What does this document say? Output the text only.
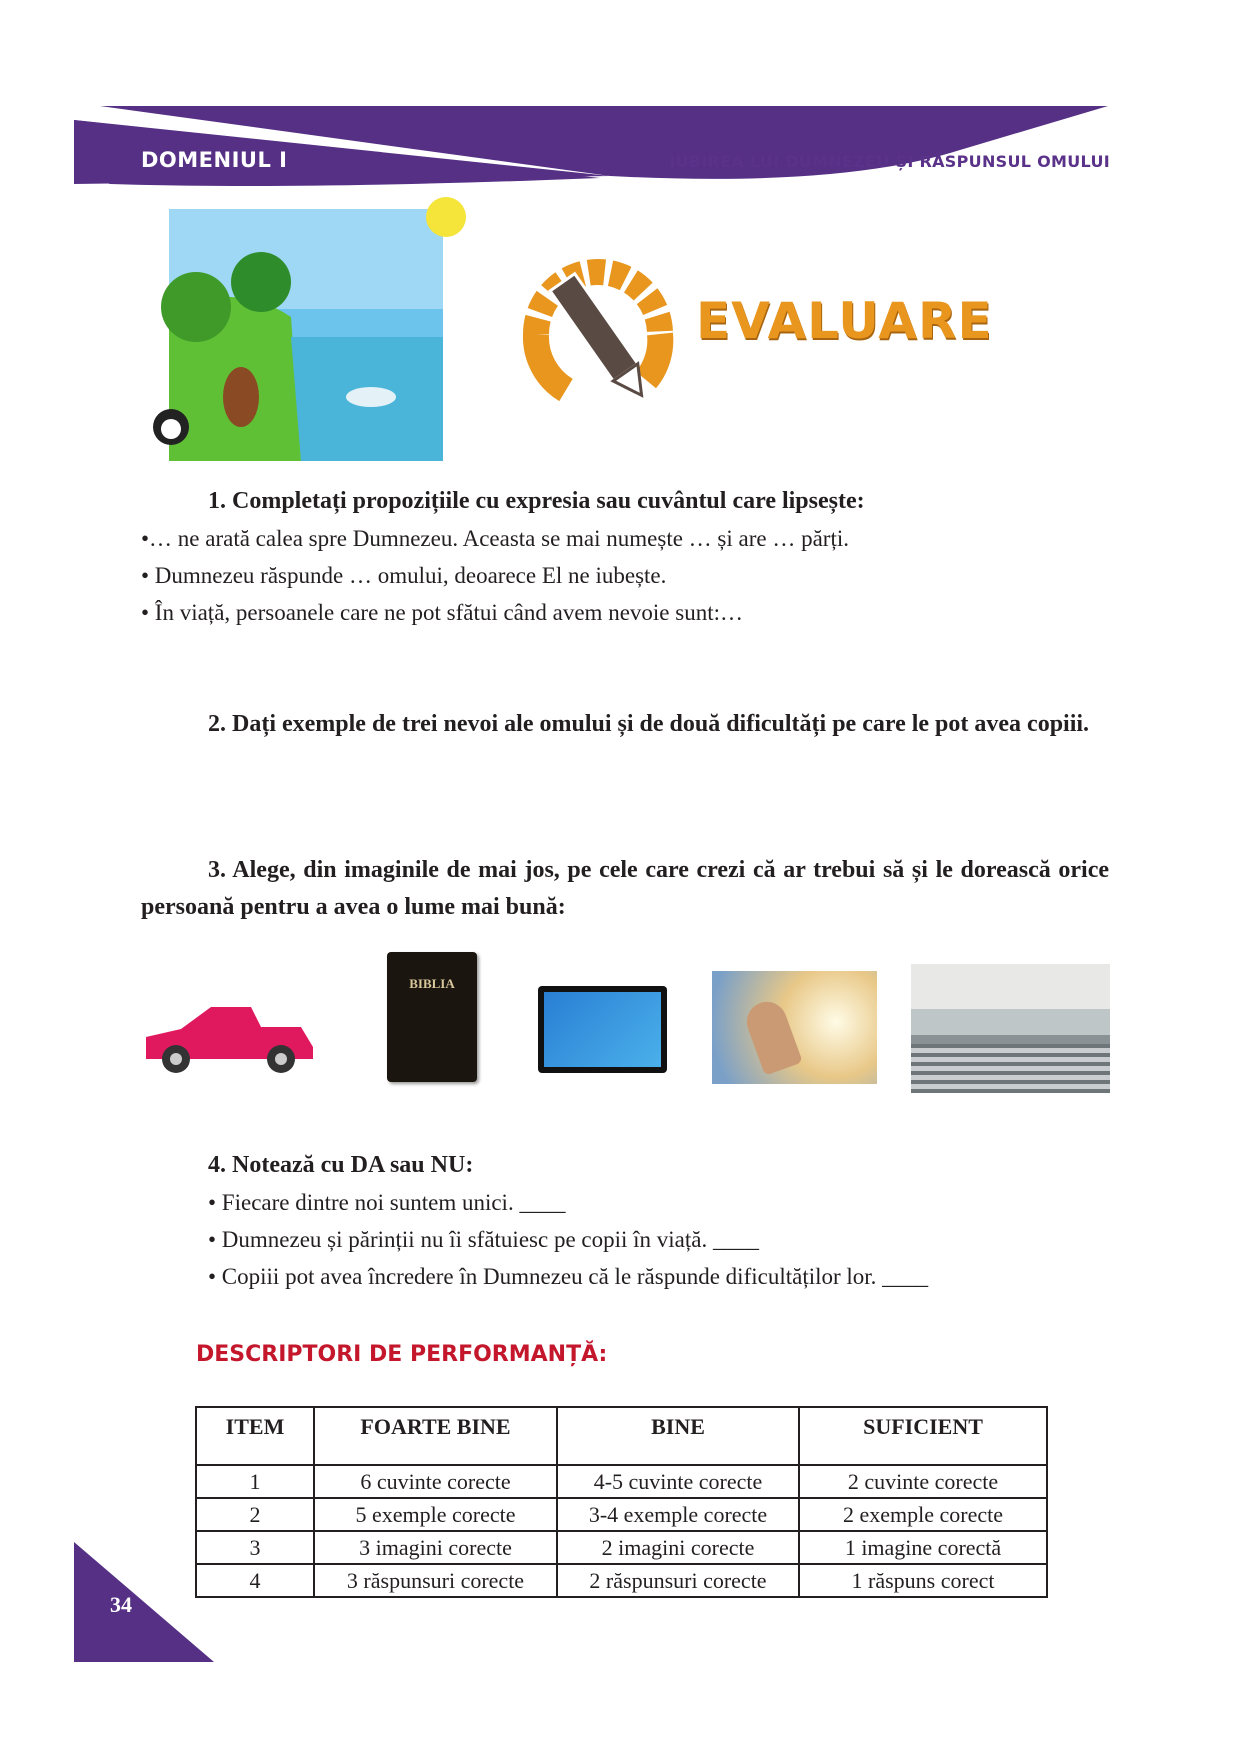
DOMENIUL I	IUBIREA LUI DUMNEZEU ȘI RĂSPUNSUL OMULUI
EVALUARE
1. Completați propozițiile cu expresia sau cuvântul care lipsește:
•… ne arată calea spre Dumnezeu. Aceasta se mai numește … și are … părți.
• Dumnezeu răspunde … omului, deoarece El ne iubește.
• În viață, persoanele care ne pot sfătui când avem nevoie sunt:…
2. Dați exemple de trei nevoi ale omului și de două dificultăți pe care le pot avea copiii.
3. Alege, din imaginile de mai jos, pe cele care crezi că ar trebui să și le dorească orice persoană pentru a avea o lume mai bună:
BIBLIA
4. Notează cu DA sau NU:
• Fiecare dintre noi suntem unici. ____
• Dumnezeu și părinții nu îi sfătuiesc pe copii în viață. ____
• Copiii pot avea încredere în Dumnezeu că le răspunde dificultăților lor. ____
DESCRIPTORI DE PERFORMANȚĂ:
ITEM	FOARTE BINE	BINE	SUFICIENT
1	6 cuvinte corecte	4-5 cuvinte corecte	2 cuvinte corecte
2	5 exemple corecte	3-4 exemple corecte	2 exemple corecte
3	3 imagini corecte	2 imagini corecte	1 imagine corectă
4	3 răspunsuri corecte	2 răspunsuri corecte	1 răspuns corect
34
